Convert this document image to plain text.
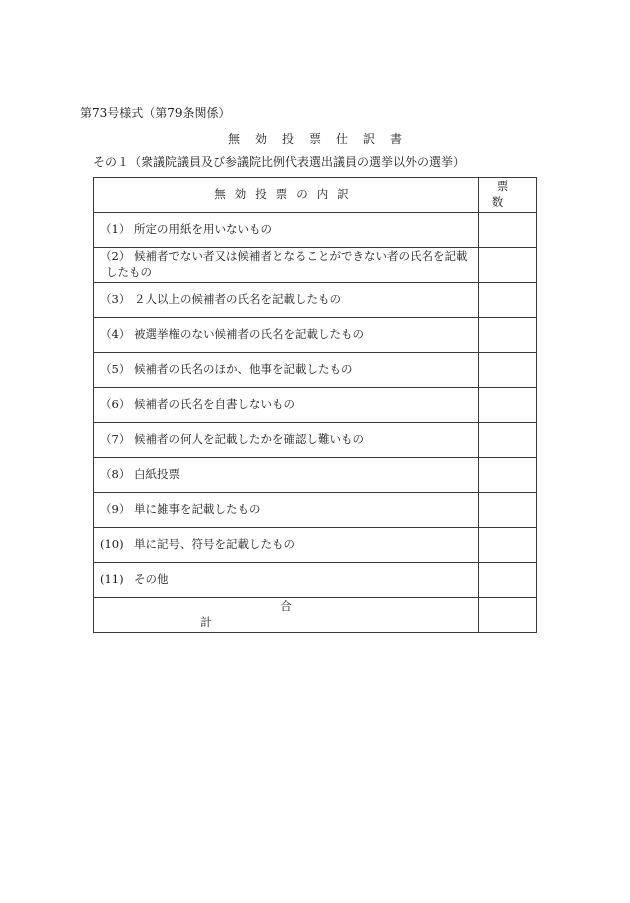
第73号様式（第79条関係）
無効投票仕訳書
その１（衆議院議員及び参議院比例代表選出議員の選挙以外の選挙）
無効投票の内訳	票数
（1） 所定の用紙を用いないもの	
（2） 候補者でない者又は候補者となることができない者の氏名を記載
したもの	

（3） ２人以上の候補者の氏名を記載したもの	
（4） 被選挙権のない候補者の氏名を記載したもの	
（5） 候補者の氏名のほか、他事を記載したもの	
（6） 候補者の氏名を自書しないもの	
（7） 候補者の何人を記載したかを確認し難いもの	
（8） 白紙投票	
（9） 単に雑事を記載したもの	
(10) 単に記号、符号を記載したもの	
(11) その他	
合計	
